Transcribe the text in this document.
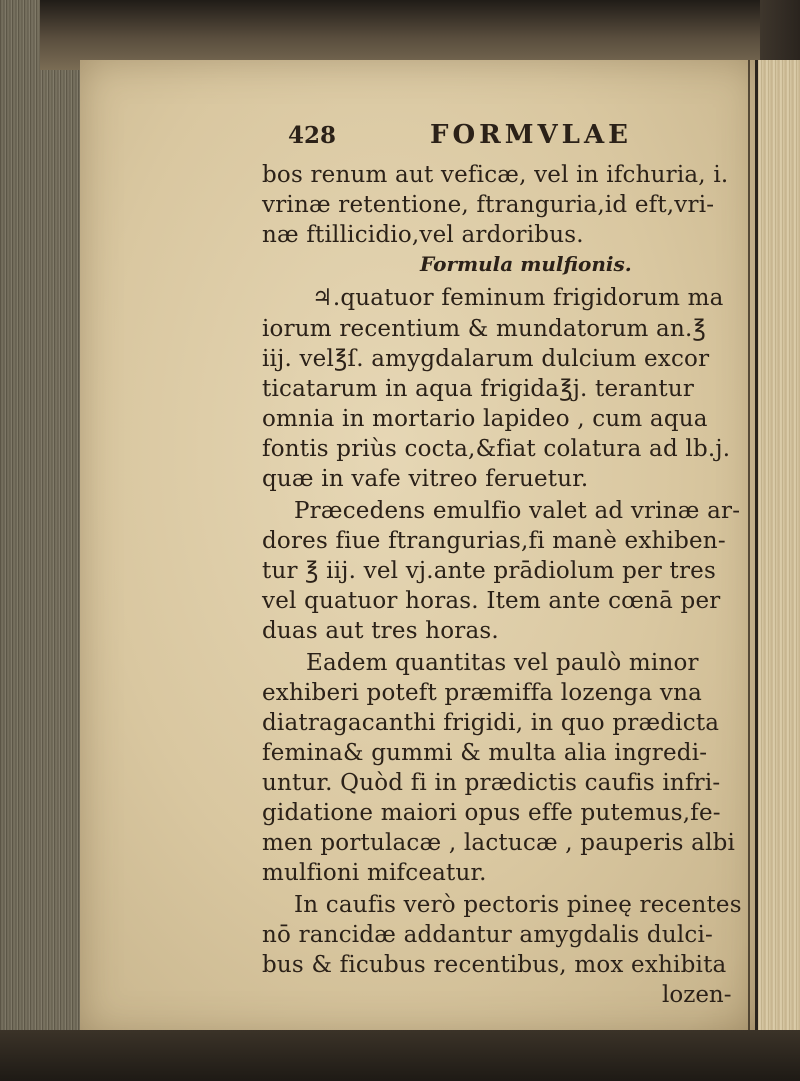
428	FORMVLAE
bos renum aut veficæ, vel in ifchuria, i.
vrinæ retentione, ftranguria,id eft,vri-
næ ftillicidio,vel ardoribus.
Formula mulfionis.
♃.quatuor feminum frigidorum ma
iorum recentium & mundatorum an.℥
iij. vel℥ſ. amygdalarum dulcium excor
ticatarum in aqua frigida℥j. terantur
omnia in mortario lapideo , cum aqua
fontis priùs cocta,&fiat colatura ad lb.j.
quæ in vafe vitreo feruetur.
Præcedens emulfio valet ad vrinæ ar-
dores fiue ftrangurias,fi manè exhiben-
tur ℥ iij. vel vj.ante prādiolum per tres
vel quatuor horas. Item ante cœnā per
duas aut tres horas.
Eadem quantitas vel paulò minor
exhiberi poteft præmiffa lozenga vna
diatragacanthi frigidi, in quo prædicta
femina& gummi & multa alia ingredi-
untur. Quòd fi in prædictis caufis infri-
gidatione maiori opus effe putemus,fe-
men portulacæ , lactucæ , pauperis albi
mulfioni mifceatur.
In caufis verò pectoris pineę recentes
nō rancidæ addantur amygdalis dulci-
bus & ficubus recentibus, mox exhibita
lozen-
